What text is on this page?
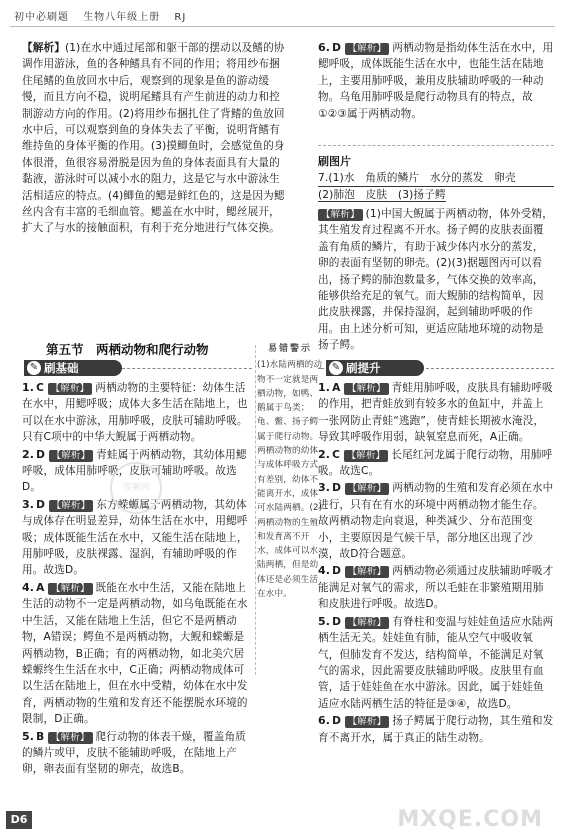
初中必刷题 生物八年级上册 RJ

【解析】(1)在水中通过尾部和躯干部的摆动以及鳍的协调作用游泳，鱼的各种鳍具有不同的作用；将用纱布捆住尾鳍的鱼放回水中后，观察到的现象是鱼的游动缓慢，而且方向不稳，说明尾鳍具有产生前进的动力和控制游动方向的作用。(2)将用纱布捆扎住了背鳍的鱼放回水中后，可以观察到鱼的身体失去了平衡，说明背鳍有维持鱼的身体平衡的作用。(3)摸鲫鱼时，会感觉鱼的身体很滑，鱼很容易滑脱是因为鱼的身体表面具有大量的黏液，游泳时可以减小水的阻力，这是它与水中游泳生活相适应的特点。(4)鲫鱼的鳃是鲜红色的，这是因为鳃丝内含有丰富的毛细血管。鳃盖在水中时，鳃丝展开，扩大了与水的接触面积，有利于充分地进行气体交换。

第五节　两栖动物和爬行动物
✎ 刷基础

1. C 【解析】 两栖动物的主要特征：幼体生活在水中，用鳃呼吸；成体大多生活在陆地上，也可以在水中游泳，用肺呼吸，皮肤可辅助呼吸。只有C项中的中华大鲵属于两栖动物。

2. D 【解析】 青蛙属于两栖动物，其幼体用鳃呼吸，成体用肺呼吸，皮肤可辅助呼吸。故选D。

3. D 【解析】 东方蝾螈属于两栖动物，其幼体与成体存在明显差异，幼体生活在水中，用鳃呼吸；成体既能生活在水中，又能生活在陆地上，用肺呼吸，皮肤裸露、湿润，有辅助呼吸的作用。故选D。

4. A 【解析】 既能在水中生活，又能在陆地上生活的动物不一定是两栖动物，如乌龟既能在水中生活，又能在陆地上生活，但它不是两栖动物，A错误；鳄鱼不是两栖动物，大鲵和蝾螈是两栖动物，B正确；有的两栖动物，如北美穴居蝾螈终生生活在水中，C正确；两栖动物成体可以生活在陆地上，但在水中受精，幼体在水中发育，两栖动物的生殖和发育还不能摆脱水环境的限制，D正确。

5. B 【解析】 爬行动物的体表干燥，覆盖角质的鳞片或甲，皮肤不能辅助呼吸，在陆地上产卵，卵表面有坚韧的卵壳，故选B。

答案网
易错警示
(1)水陆两栖的动物不一定就是两栖动物，如鸭、鹅属于鸟类；龟、鳖、扬子鳄属于爬行动物。两栖动物的幼体与成体呼吸方式有差别，幼体不能离开水，成体可水陆两栖。(2)两栖动物的生殖和发育离不开水，成体可以水陆两栖，但是幼体还是必须生活在水中。

6. D 【解析】 两栖动物是指幼体生活在水中，用鳃呼吸，成体既能生活在水中，也能生活在陆地上，主要用肺呼吸，兼用皮肤辅助呼吸的一种动物。乌龟用肺呼吸是爬行动物具有的特点，故①②③属于两栖动物。

刷图片
7.(1)水　角质的鳞片　水分的蒸发　卵壳
(2)肺泡　皮肤　(3)扬子鳄

【解析】 (1)中国大鲵属于两栖动物，体外受精，其生殖发育过程离不开水。扬子鳄的皮肤表面覆盖有角质的鳞片，有助于减少体内水分的蒸发，卵的表面有坚韧的卵壳。(2)(3)据题图丙可以看出，扬子鳄的肺泡数量多，气体交换的效率高，能够供给充足的氧气。而大鲵肺的结构简单，因此皮肤裸露，并保持湿润，起到辅助呼吸的作用。由上述分析可知，更适应陆地环境的动物是扬子鳄。

✎ 刷提升

1. A 【解析】 青蛙用肺呼吸，皮肤具有辅助呼吸的作用，把青蛙放到有较多水的鱼缸中，并盖上一张网防止青蛙“逃跑”，使青蛙长期被水淹没，导致其呼吸作用弱，缺氧窒息而死，A正确。

2. C 【解析】 长尾红河龙属于爬行动物，用肺呼吸。故选C。

3. D 【解析】 两栖动物的生殖和发育必须在水中进行，只有在有水的环境中两栖动物才能生存。故两栖动物走向衰退，种类减少、分布范围变小，主要原因是气候干旱，部分地区出现了沙漠，故D符合题意。

4. D 【解析】 两栖动物必须通过皮肤辅助呼吸才能满足对氧气的需求，所以毛蛙在非繁殖期用肺和皮肤进行呼吸。故选D。

5. D 【解析】 有脊柱和变温与娃娃鱼适应水陆两栖生活无关。娃娃鱼有肺，能从空气中吸收氧气，但肺发育不发达，结构简单，不能满足对氧气的需求，因此需要皮肤辅助呼吸。皮肤里有血管，适于娃娃鱼在水中游泳。因此，属于娃娃鱼适应水陆两栖生活的特征是③④，故选D。

6. D 【解析】 扬子鳄属于爬行动物，其生殖和发育不离开水，属于真正的陆生动物。

D6	MXQE.COM
